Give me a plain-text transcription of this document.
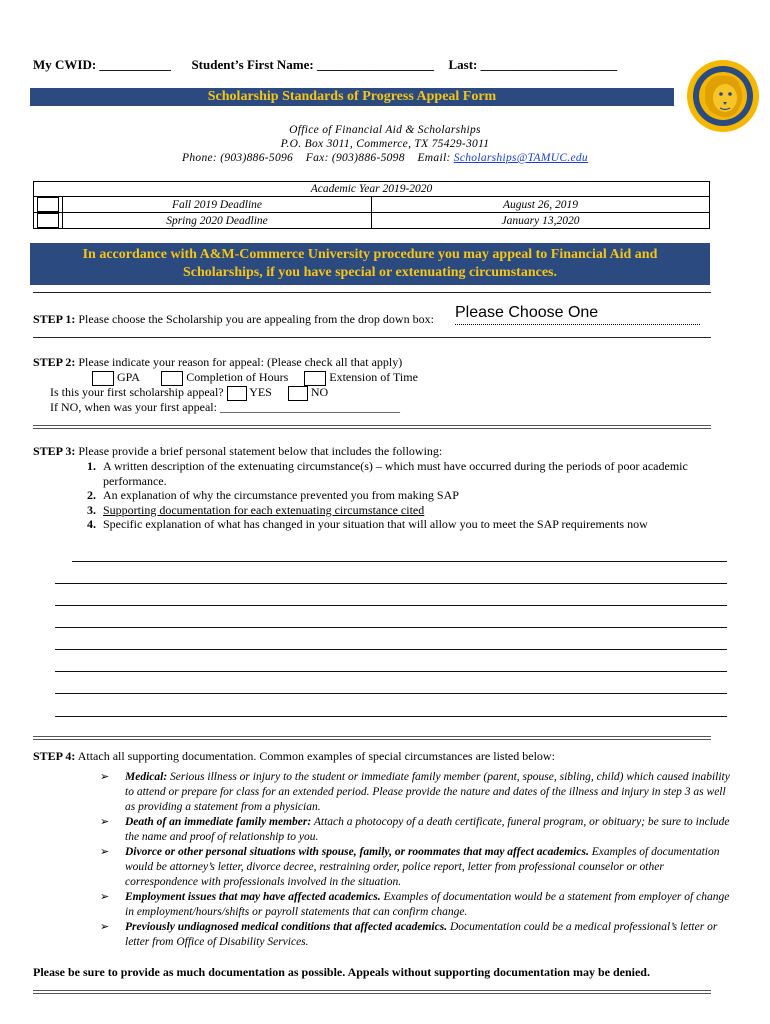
My CWID: ___________ Student’s First Name: __________________ Last: _____________________
Scholarship Standards of Progress Appeal Form
Office of Financial Aid & Scholarships
P.O. Box 3011, Commerce, TX 75429-3011
Phone: (903)886-5096 Fax: (903)886-5098 Email: Scholarships@TAMUC.edu
Academic Year 2019-2020		
	Fall 2019 Deadline	August 26, 2019
	Spring 2020 Deadline	January 13,2020
In accordance with A&M-Commerce University procedure you may appeal to Financial Aid and
Scholarships, if you have special or extenuating circumstances.
STEP 1: Please choose the Scholarship you are appealing from the drop down box: Please Choose One
STEP 2: Please indicate your reason for appeal: (Please check all that apply)
GPA	Completion of Hours	Extension of Time
Is this your first scholarship appeal? YES	NO
If NO, when was your first appeal: ______________________________
STEP 3: Please provide a brief personal statement below that includes the following:
1. A written description of the extenuating circumstance(s) – which must have occurred during the periods of poor academic performance.
2. An explanation of why the circumstance prevented you from making SAP
3. Supporting documentation for each extenuating circumstance cited
4. Specific explanation of what has changed in your situation that will allow you to meet the SAP requirements now
STEP 4: Attach all supporting documentation. Common examples of special circumstances are listed below:
➢ Medical: Serious illness or injury to the student or immediate family member (parent, spouse, sibling, child) which caused inability to attend or prepare for class for an extended period. Please provide the nature and dates of the illness and injury in step 3 as well as providing a statement from a physician.
➢ Death of an immediate family member: Attach a photocopy of a death certificate, funeral program, or obituary; be sure to include the name and proof of relationship to you.
➢ Divorce or other personal situations with spouse, family, or roommates that may affect academics. Examples of documentation would be attorney’s letter, divorce decree, restraining order, police report, letter from professional counselor or other correspondence with professionals involved in the situation.
➢ Employment issues that may have affected academics. Examples of documentation would be a statement from employer of change in employment/hours/shifts or payroll statements that can confirm change.
➢ Previously undiagnosed medical conditions that affected academics. Documentation could be a medical professional’s letter or letter from Office of Disability Services.
Please be sure to provide as much documentation as possible. Appeals without supporting documentation may be denied.
